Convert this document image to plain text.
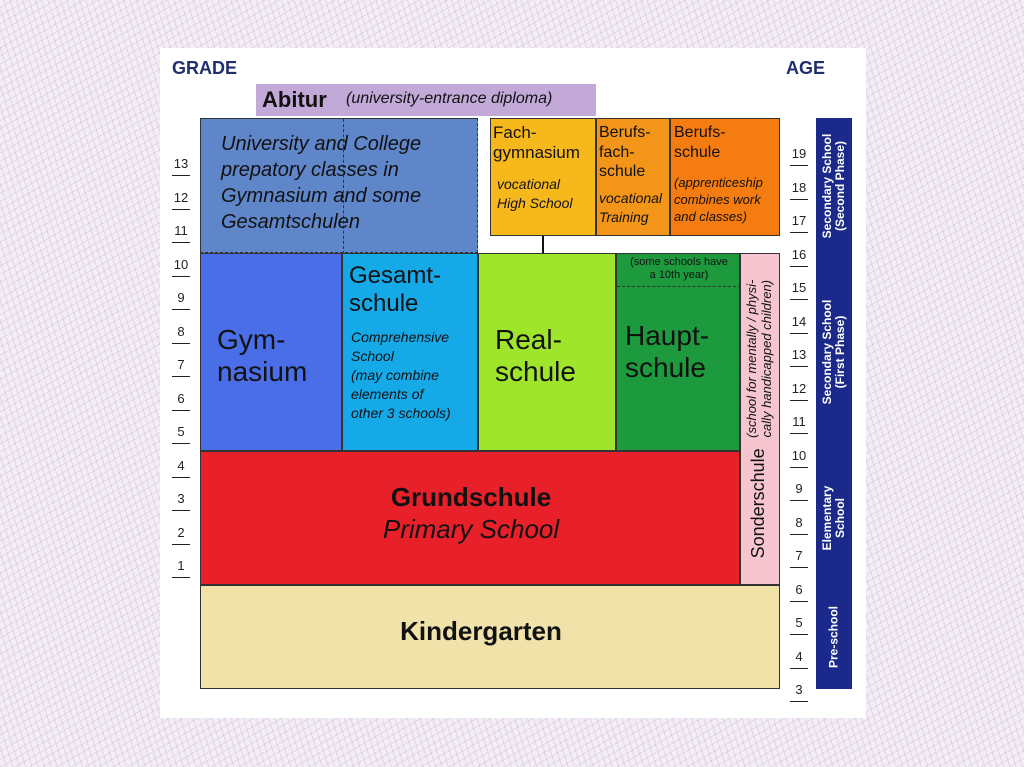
GRADE	AGE
Abitur (university-entrance diploma)
University and College
prepatory classes in
Gymnasium and some
Gesamtschulen
Fach-
gymnasium
vocational
High School
Berufs-
fach-
schule
vocational
Training
Berufs-
schule
(apprenticeship
combines work
and classes)
Gym-
nasium
Gesamt-
schule
Comprehensive
School
(may combine
elements of
other 3 schools)
Real-
schule
(some schools have
a 10th year)
Haupt-
schule
Sonderschule (school for mentally / physi-
cally handicapped children)
Grundschule
Primary School
Kindergarten
13
12
11
10
9
8
7
6
5
4
3
2
1
19
18
17
16
15
14
13
12
11
10
9
8
7
6
5
4
3
Secondary School
(Second Phase)
Secondary School
(First Phase)
Elementary
School
Pre-school
